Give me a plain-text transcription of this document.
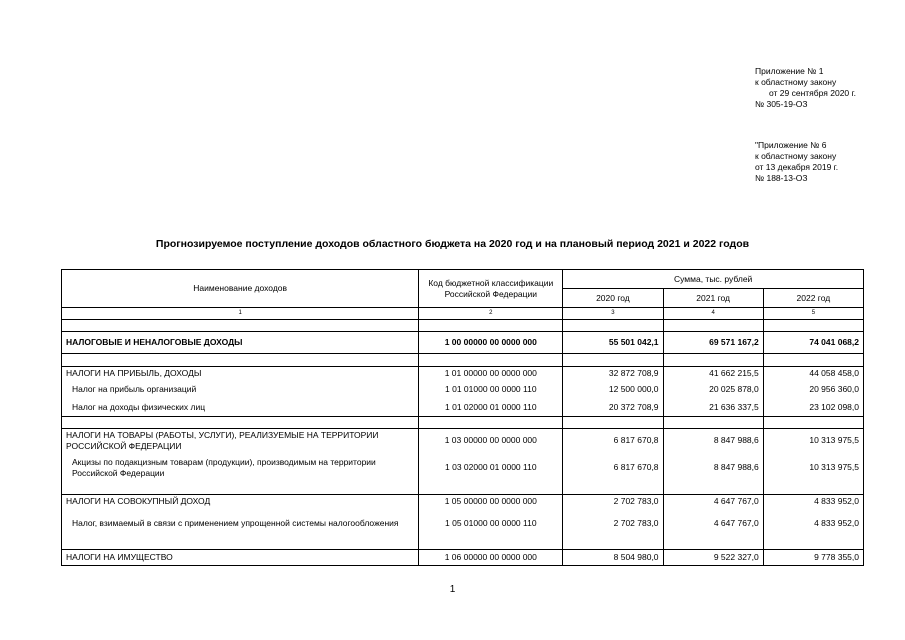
Приложение № 1
к областному закону
от 29 сентября 2020 г.
№ 305-19-ОЗ
"Приложение № 6
к областному закону
от 13 декабря 2019 г.
№ 188-13-ОЗ
Прогнозируемое поступление доходов областного бюджета на 2020 год и на плановый период 2021 и 2022 годов
Наименование доходов	Код бюджетной классификации Российской Федерации	Сумма, тыс. рублей		
		2020 год	2021 год	2022 год
1	2	3	4	5

НАЛОГОВЫЕ И НЕНАЛОГОВЫЕ ДОХОДЫ	1 00 00000 00 0000 000	55 501 042,1	69 571 167,2	74 041 068,2

НАЛОГИ НА ПРИБЫЛЬ, ДОХОДЫ	1 01 00000 00 0000 000	32 872 708,9	41 662 215,5	44 058 458,0
Налог на прибыль организаций	1 01 01000 00 0000 110	12 500 000,0	20 025 878,0	20 956 360,0
Налог на доходы физических лиц	1 01 02000 01 0000 110	20 372 708,9	21 636 337,5	23 102 098,0

НАЛОГИ НА ТОВАРЫ (РАБОТЫ, УСЛУГИ), РЕАЛИЗУЕМЫЕ НА ТЕРРИТОРИИ РОССИЙСКОЙ ФЕДЕРАЦИИ	1 03 00000 00 0000 000	6 817 670,8	8 847 988,6	10 313 975,5
Акцизы по подакцизным товарам (продукции), производимым на территории Российской Федерации	1 03 02000 01 0000 110	6 817 670,8	8 847 988,6	10 313 975,5

НАЛОГИ НА СОВОКУПНЫЙ ДОХОД	1 05 00000 00 0000 000	2 702 783,0	4 647 767,0	4 833 952,0
Налог, взимаемый в связи с применением упрощенной системы налогообложения	1 05 01000 00 0000 110	2 702 783,0	4 647 767,0	4 833 952,0

НАЛОГИ НА ИМУЩЕСТВО	1 06 00000 00 0000 000	8 504 980,0	9 522 327,0	9 778 355,0
1
